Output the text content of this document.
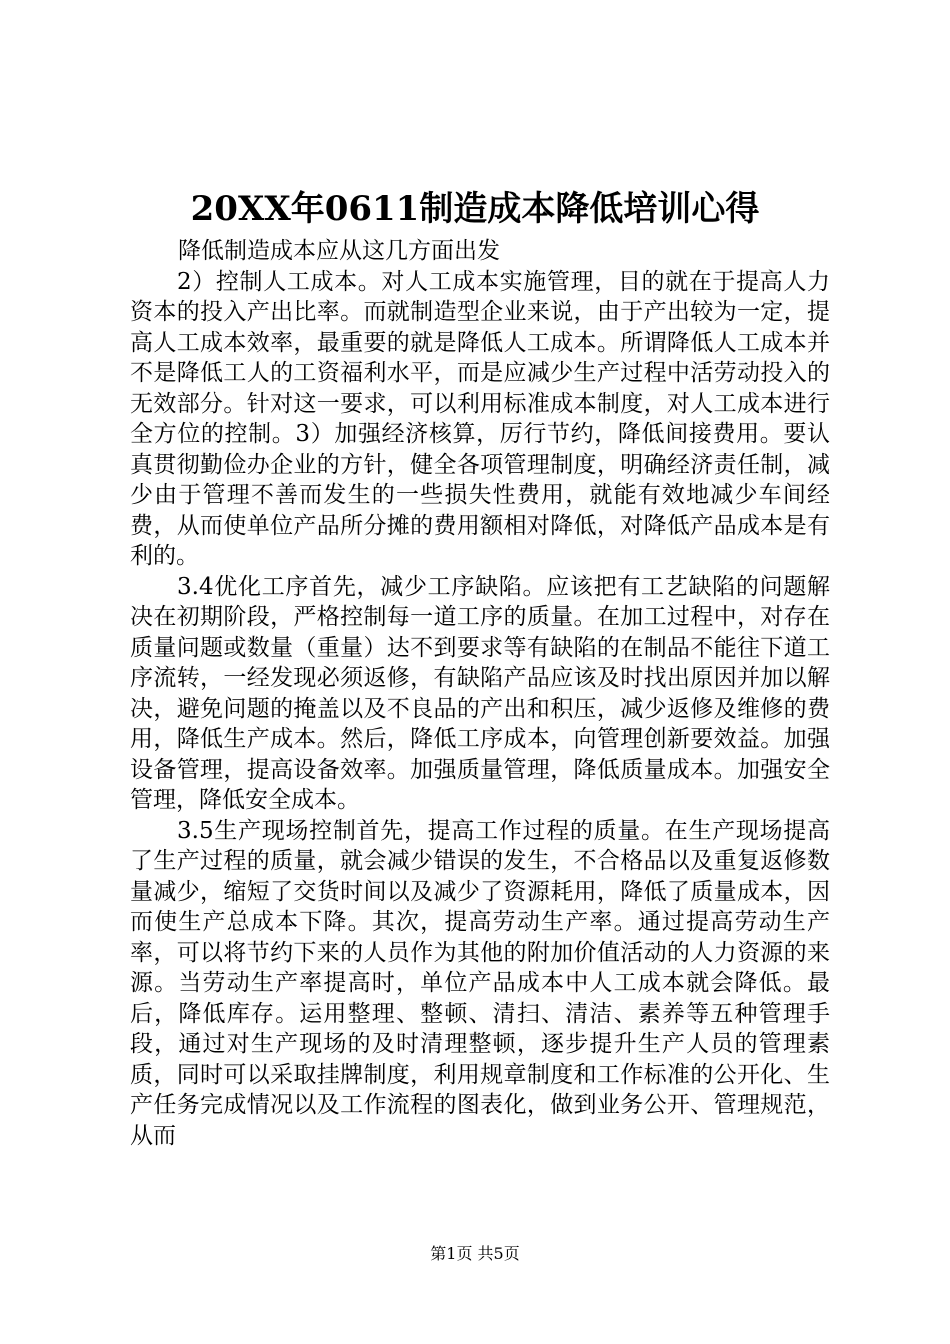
20XX年0611制造成本降低培训心得

降低制造成本应从这几方面出发

2）控制人工成本。对人工成本实施管理，目的就在于提高人力资本的投入产出比率。而就制造型企业来说，由于产出较为一定，提高人工成本效率，最重要的就是降低人工成本。所谓降低人工成本并不是降低工人的工资福利水平，而是应减少生产过程中活劳动投入的无效部分。针对这一要求，可以利用标准成本制度，对人工成本进行全方位的控制。3）加强经济核算，厉行节约，降低间接费用。要认真贯彻勤俭办企业的方针，健全各项管理制度，明确经济责任制，减少由于管理不善而发生的一些损失性费用，就能有效地减少车间经费，从而使单位产品所分摊的费用额相对降低，对降低产品成本是有利的。

3.4优化工序首先，减少工序缺陷。应该把有工艺缺陷的问题解决在初期阶段，严格控制每一道工序的质量。在加工过程中，对存在质量问题或数量（重量）达不到要求等有缺陷的在制品不能往下道工序流转，一经发现必须返修，有缺陷产品应该及时找出原因并加以解决，避免问题的掩盖以及不良品的产出和积压，减少返修及维修的费用，降低生产成本。然后，降低工序成本，向管理创新要效益。加强设备管理，提高设备效率。加强质量管理，降低质量成本。加强安全管理，降低安全成本。

3.5生产现场控制首先，提高工作过程的质量。在生产现场提高了生产过程的质量，就会减少错误的发生，不合格品以及重复返修数量减少，缩短了交货时间以及减少了资源耗用，降低了质量成本，因而使生产总成本下降。其次，提高劳动生产率。通过提高劳动生产率，可以将节约下来的人员作为其他的附加价值活动的人力资源的来源。当劳动生产率提高时，单位产品成本中人工成本就会降低。最后，降低库存。运用整理、整顿、清扫、清洁、素养等五种管理手段，通过对生产现场的及时清理整顿，逐步提升生产人员的管理素质，同时可以采取挂牌制度，利用规章制度和工作标准的公开化、生产任务完成情况以及工作流程的图表化，做到业务公开、管理规范，从而

第1页 共5页
